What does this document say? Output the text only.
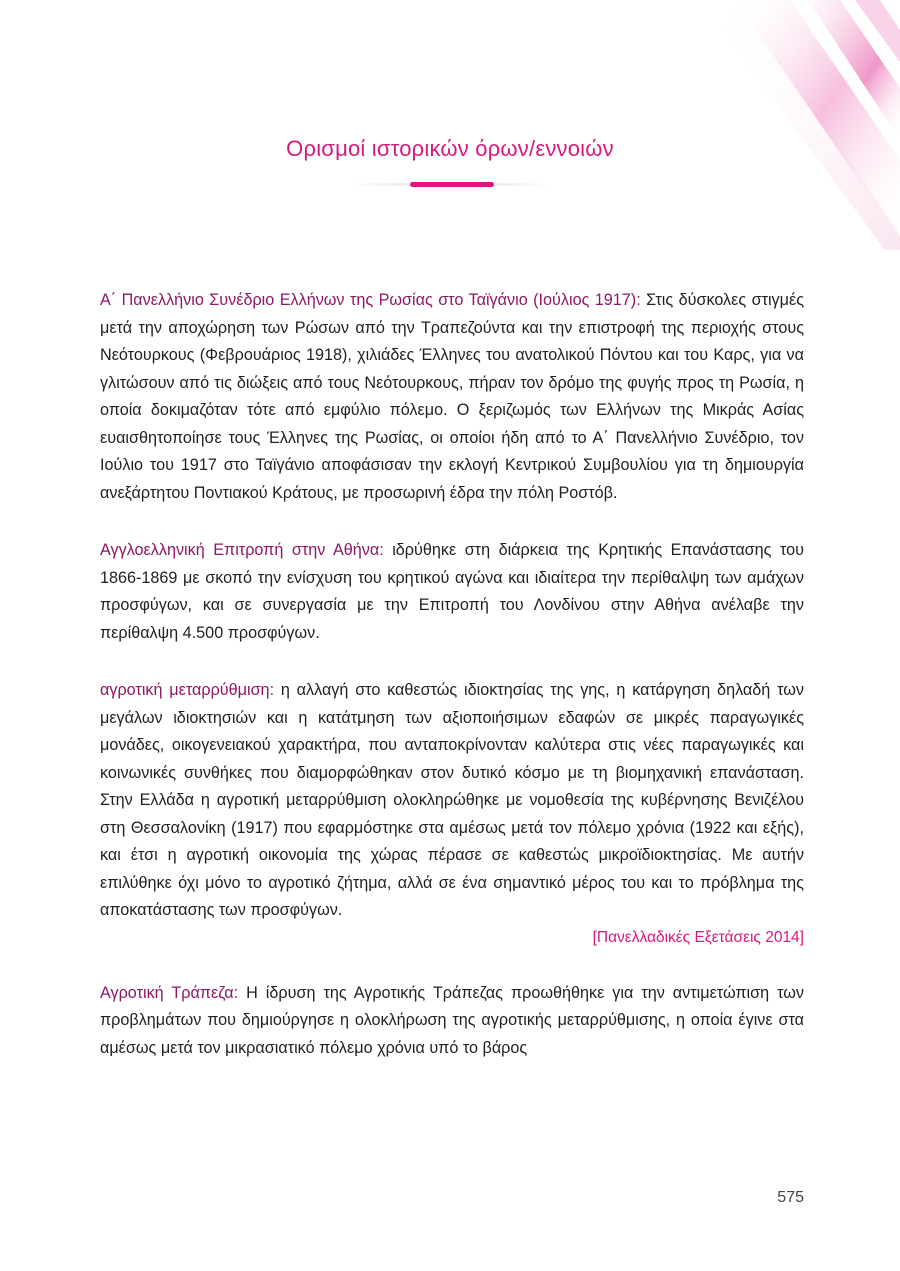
Ορισμοί ιστορικών όρων/εννοιών

Α΄ Πανελλήνιο Συνέδριο Ελλήνων της Ρωσίας στο Ταϊγάνιο (Ιούλιος 1917): Στις δύσκολες στιγμές μετά την αποχώρηση των Ρώσων από την Τραπεζούντα και την επιστροφή της περιοχής στους Νεότουρκους (Φεβρουάριος 1918), χιλιάδες Έλληνες του ανατολικού Πόντου και του Καρς, για να γλιτώσουν από τις διώξεις από τους Νεότουρκους, πήραν τον δρόμο της φυγής προς τη Ρωσία, η οποία δοκιμαζόταν τότε από εμφύλιο πόλεμο. Ο ξεριζωμός των Ελλήνων της Μικράς Ασίας ευαισθητοποίησε τους Έλληνες της Ρωσίας, οι οποίοι ήδη από το Α΄ Πανελλήνιο Συνέδριο, τον Ιούλιο του 1917 στο Ταϊγάνιο αποφάσισαν την εκλογή Κεντρικού Συμβουλίου για τη δημιουργία ανεξάρτητου Ποντιακού Κράτους, με προσωρινή έδρα την πόλη Ροστόβ.

Αγγλοελληνική Επιτροπή στην Αθήνα: ιδρύθηκε στη διάρκεια της Κρητικής Επανάστασης του 1866-1869 με σκοπό την ενίσχυση του κρητικού αγώνα και ιδιαίτερα την περίθαλψη των αμάχων προσφύγων, και σε συνεργασία με την Επιτροπή του Λονδίνου στην Αθήνα ανέλαβε την περίθαλψη 4.500 προσφύγων.

αγροτική μεταρρύθμιση: η αλλαγή στο καθεστώς ιδιοκτησίας της γης, η κατάργηση δηλαδή των μεγάλων ιδιοκτησιών και η κατάτμηση των αξιοποιήσιμων εδαφών σε μικρές παραγωγικές μονάδες, οικογενειακού χαρακτήρα, που ανταποκρίνονταν καλύτερα στις νέες παραγωγικές και κοινωνικές συνθήκες που διαμορφώθηκαν στον δυτικό κόσμο με τη βιομηχανική επανάσταση. Στην Ελλάδα η αγροτική μεταρρύθμιση ολοκληρώθηκε με νομοθεσία της κυβέρνησης Βενιζέλου στη Θεσσαλονίκη (1917) που εφαρμόστηκε στα αμέσως μετά τον πόλεμο χρόνια (1922 και εξής), και έτσι η αγροτική οικονομία της χώρας πέρασε σε καθεστώς μικροϊδιοκτησίας. Με αυτήν επιλύθηκε όχι μόνο το αγροτικό ζήτημα, αλλά σε ένα σημαντικό μέρος του και το πρόβλημα της αποκατάστασης των προσφύγων.

[Πανελλαδικές Εξετάσεις 2014]

Αγροτική Τράπεζα: Η ίδρυση της Αγροτικής Τράπεζας προωθήθηκε για την αντιμετώπιση των προβλημάτων που δημιούργησε η ολοκλήρωση της αγροτικής μεταρρύθμισης, η οποία έγινε στα αμέσως μετά τον μικρασιατικό πόλεμο χρόνια υπό το βάρος

575
